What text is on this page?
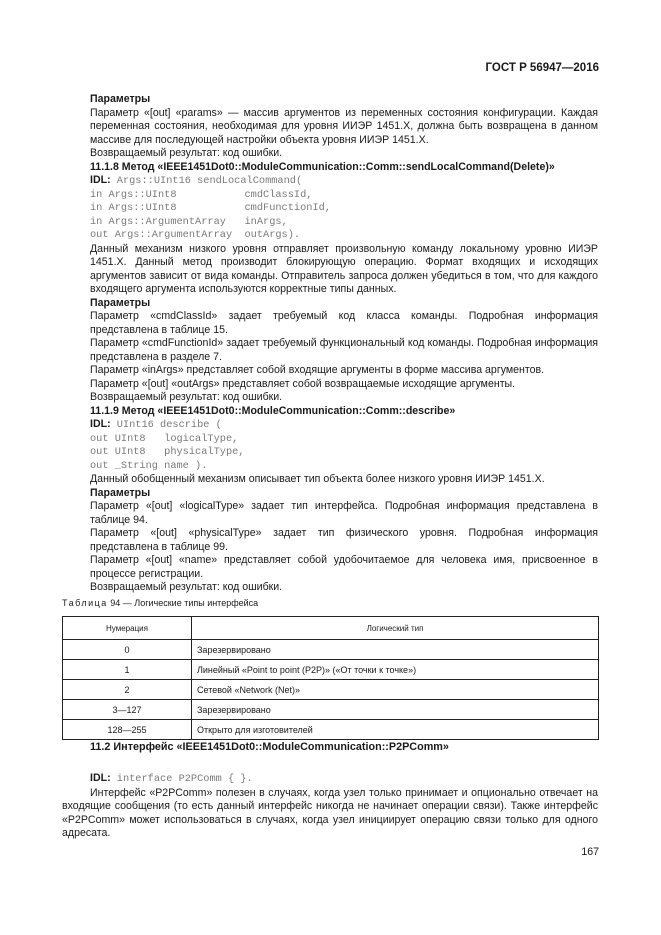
ГОСТ Р 56947—2016

Параметры

Параметр «[out] «params» — массив аргументов из переменных состояния конфигурации. Каждая переменная состояния, необходимая для уровня ИИЭР 1451.X, должна быть возвращена в данном массиве для последующей настройки объекта уровня ИИЭР 1451.X.

Возвращаемый результат: код ошибки.

11.1.8 Метод «IEEE1451Dot0::ModuleCommunication::Comm::sendLocalCommand(Delete)»

IDL: Args::UInt16 sendLocalCommand(
in Args::UInt8           cmdClassId,
in Args::UInt8           cmdFunctionId,
in Args::ArgumentArray   inArgs,
out Args::ArgumentArray  outArgs).

Данный механизм низкого уровня отправляет произвольную команду локальному уровню ИИЭР 1451.X. Данный метод производит блокирующую операцию. Формат входящих и исходящих аргументов зависит от вида команды. Отправитель запроса должен убедиться в том, что для каждого входящего аргумента используются корректные типы данных.

Параметры

Параметр «cmdClassId» задает требуемый код класса команды. Подробная информация представлена в таблице 15.

Параметр «cmdFunctionId» задает требуемый функциональный код команды. Подробная информация представлена в разделе 7.

Параметр «inArgs» представляет собой входящие аргументы в форме массива аргументов.

Параметр «[out] «outArgs» представляет собой возвращаемые исходящие аргументы.

Возвращаемый результат: код ошибки.

11.1.9 Метод «IEEE1451Dot0::ModuleCommunication::Comm::describe»

IDL: UInt16 describe (
out UInt8   logicalType,
out UInt8   physicalType,
out _String name ).

Данный обобщенный механизм описывает тип объекта более низкого уровня ИИЭР 1451.X.

Параметры

Параметр «[out] «logicalType» задает тип интерфейса. Подробная информация представлена в таблице 94.

Параметр «[out] «physicalType» задает тип физического уровня. Подробная информация представлена в таблице 99.

Параметр «[out] «name» представляет собой удобочитаемое для человека имя, присвоенное в процессе регистрации.

Возвращаемый результат: код ошибки.

Таблица 94 — Логические типы интерфейса
Нумерация	Логический тип
0	Зарезервировано
1	Линейный «Point to point (P2P)» («От точки к точке»)
2	Сетевой «Network (Net)»
3—127	Зарезервировано
128—255	Открыто для изготовителей
11.2 Интерфейс «IEEE1451Dot0::ModuleCommunication::P2PComm»
IDL: interface P2PComm { }.

Интерфейс «P2PComm» полезен в случаях, когда узел только принимает и опционально отвечает на входящие сообщения (то есть данный интерфейс никогда не начинает операции связи). Также интерфейс «P2PComm» может использоваться в случаях, когда узел инициирует операцию связи только для одного адресата.

167
